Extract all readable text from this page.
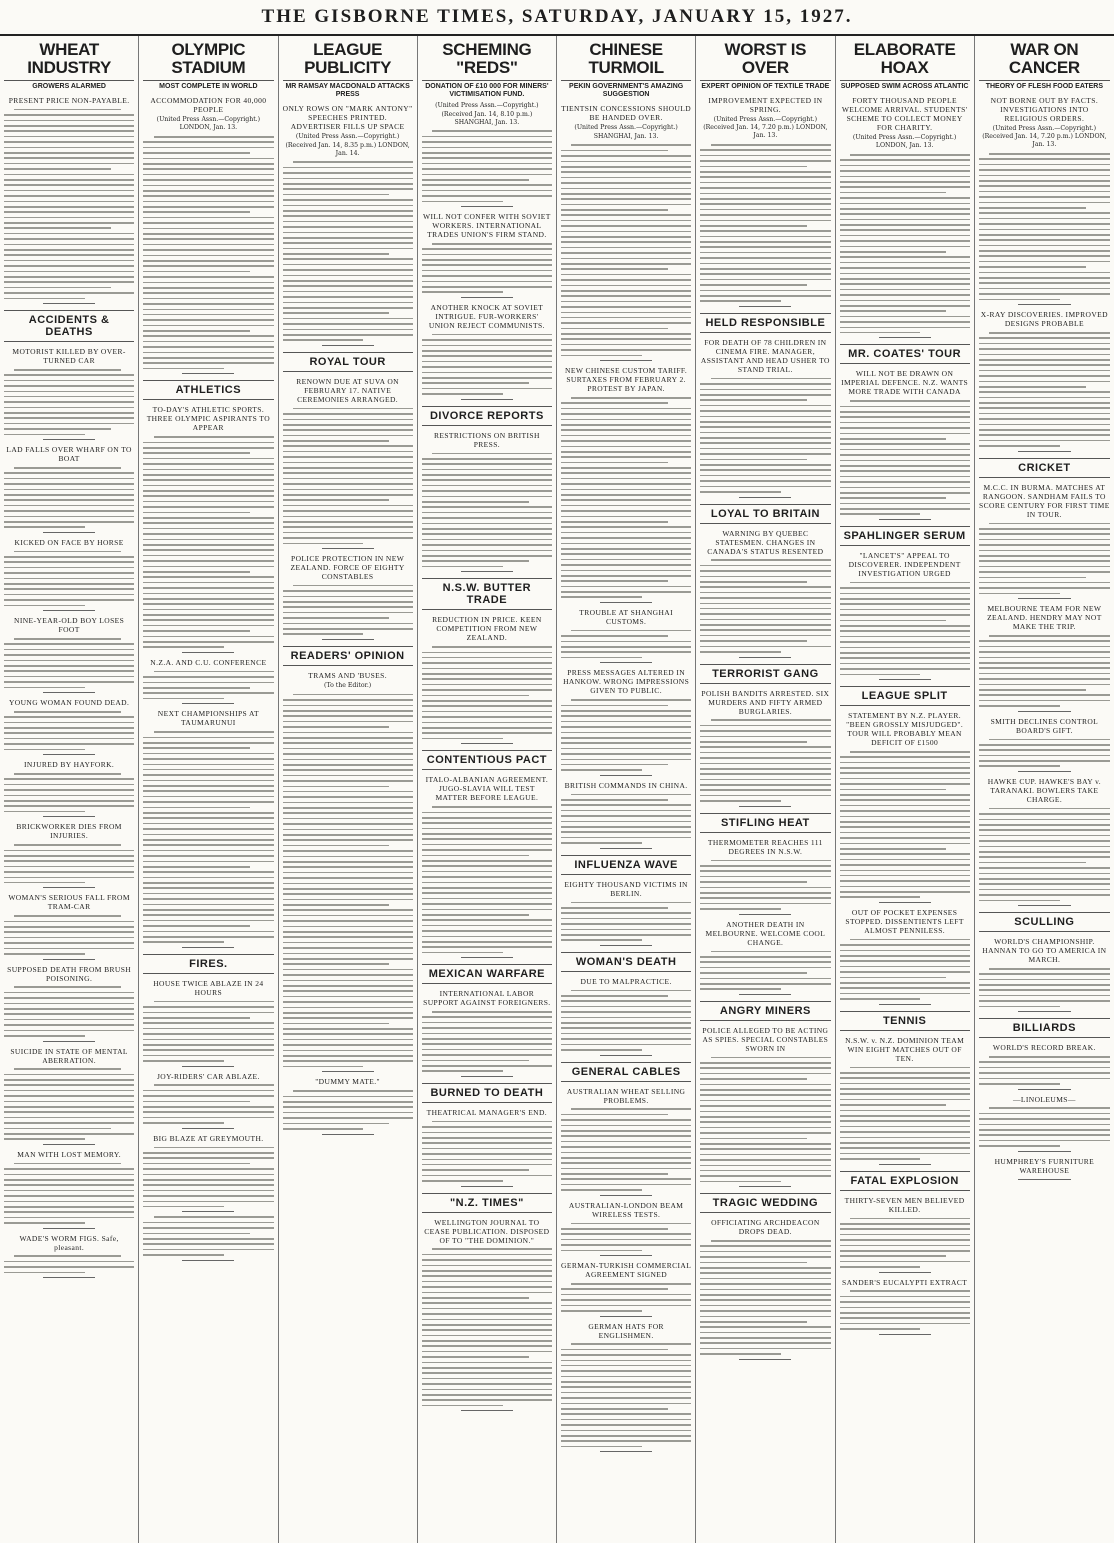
THE GISBORNE TIMES, SATURDAY, JANUARY 15, 1927.
WHEAT INDUSTRY
GROWERS ALARMED
PRESENT PRICE NON-PAYABLE.
ACCIDENTS & DEATHS
MOTORIST KILLED BY OVER-TURNED CAR
LAD FALLS OVER WHARF ON TO BOAT
KICKED ON FACE BY HORSE
NINE-YEAR-OLD BOY LOSES FOOT
YOUNG WOMAN FOUND DEAD.
INJURED BY HAYFORK.
BRICKWORKER DIES FROM INJURIES.
WOMAN'S SERIOUS FALL FROM TRAM-CAR
SUPPOSED DEATH FROM BRUSH POISONING.
SUICIDE IN STATE OF MENTAL ABERRATION.
MAN WITH LOST MEMORY.
WADE'S WORM FIGS. Safe, pleasant.
OLYMPIC STADIUM
MOST COMPLETE IN WORLD
ACCOMMODATION FOR 40,000 PEOPLE
(United Press Assn.—Copyright.) LONDON, Jan. 13.
ATHLETICS
TO-DAY'S ATHLETIC SPORTS. THREE OLYMPIC ASPIRANTS TO APPEAR
N.Z.A. AND C.U. CONFERENCE
NEXT CHAMPIONSHIPS AT TAUMARUNUI
FIRES.
HOUSE TWICE ABLAZE IN 24 HOURS
JOY-RIDERS' CAR ABLAZE.
BIG BLAZE AT GREYMOUTH.
LEAGUE PUBLICITY
MR RAMSAY MACDONALD ATTACKS PRESS
ONLY ROWS ON "MARK ANTONY" SPEECHES PRINTED. ADVERTISER FILLS UP SPACE
(United Press Assn.—Copyright.) (Received Jan. 14, 8.35 p.m.) LONDON, Jan. 14.
ROYAL TOUR
RENOWN DUE AT SUVA ON FEBRUARY 17. NATIVE CEREMONIES ARRANGED.
POLICE PROTECTION IN NEW ZEALAND. FORCE OF EIGHTY CONSTABLES
READERS' OPINION
TRAMS AND 'BUSES.
(To the Editor.)
"DUMMY MATE."
SCHEMING "REDS"
DONATION OF £10 000 FOR MINERS' VICTIMISATION FUND.
(United Press Assn.—Copyright.) (Received Jan. 14, 8.10 p.m.) SHANGHAI, Jan. 13.
WILL NOT CONFER WITH SOVIET WORKERS. INTERNATIONAL TRADES UNION'S FIRM STAND.
ANOTHER KNOCK AT SOVIET INTRIGUE. FUR-WORKERS' UNION REJECT COMMUNISTS.
DIVORCE REPORTS
RESTRICTIONS ON BRITISH PRESS.
N.S.W. BUTTER TRADE
REDUCTION IN PRICE. KEEN COMPETITION FROM NEW ZEALAND.
CONTENTIOUS PACT
ITALO-ALBANIAN AGREEMENT. JUGO-SLAVIA WILL TEST MATTER BEFORE LEAGUE.
MEXICAN WARFARE
INTERNATIONAL LABOR SUPPORT AGAINST FOREIGNERS.
BURNED TO DEATH
THEATRICAL MANAGER'S END.
"N.Z. TIMES"
WELLINGTON JOURNAL TO CEASE PUBLICATION. DISPOSED OF TO "THE DOMINION."
CHINESE TURMOIL
PEKIN GOVERNMENT'S AMAZING SUGGESTION
TIENTSIN CONCESSIONS SHOULD BE HANDED OVER.
(United Press Assn.—Copyright.) SHANGHAI, Jan. 13.
NEW CHINESE CUSTOM TARIFF. SURTAXES FROM FEBRUARY 2. PROTEST BY JAPAN.
TROUBLE AT SHANGHAI CUSTOMS.
PRESS MESSAGES ALTERED IN HANKOW. WRONG IMPRESSIONS GIVEN TO PUBLIC.
BRITISH COMMANDS IN CHINA.
INFLUENZA WAVE
EIGHTY THOUSAND VICTIMS IN BERLIN.
WOMAN'S DEATH
DUE TO MALPRACTICE.
GENERAL CABLES
AUSTRALIAN WHEAT SELLING PROBLEMS.
AUSTRALIAN-LONDON BEAM WIRELESS TESTS.
GERMAN-TURKISH COMMERCIAL AGREEMENT SIGNED
GERMAN HATS FOR ENGLISHMEN.
WORST IS OVER
EXPERT OPINION OF TEXTILE TRADE
IMPROVEMENT EXPECTED IN SPRING.
(United Press Assn.—Copyright.) (Received Jan. 14, 7.20 p.m.) LONDON, Jan. 13.
HELD RESPONSIBLE
FOR DEATH OF 78 CHILDREN IN CINEMA FIRE. MANAGER, ASSISTANT AND HEAD USHER TO STAND TRIAL.
LOYAL TO BRITAIN
WARNING BY QUEBEC STATESMEN. CHANGES IN CANADA'S STATUS RESENTED
TERRORIST GANG
POLISH BANDITS ARRESTED. SIX MURDERS AND FIFTY ARMED BURGLARIES.
STIFLING HEAT
THERMOMETER REACHES 111 DEGREES IN N.S.W.
ANOTHER DEATH IN MELBOURNE. WELCOME COOL CHANGE.
ANGRY MINERS
POLICE ALLEGED TO BE ACTING AS SPIES. SPECIAL CONSTABLES SWORN IN
TRAGIC WEDDING
OFFICIATING ARCHDEACON DROPS DEAD.
ELABORATE HOAX
SUPPOSED SWIM ACROSS ATLANTIC
FORTY THOUSAND PEOPLE WELCOME ARRIVAL. STUDENTS' SCHEME TO COLLECT MONEY FOR CHARITY.
(United Press Assn.—Copyright.) LONDON, Jan. 13.
MR. COATES' TOUR
WILL NOT BE DRAWN ON IMPERIAL DEFENCE. N.Z. WANTS MORE TRADE WITH CANADA
SPAHLINGER SERUM
"LANCET'S" APPEAL TO DISCOVERER. INDEPENDENT INVESTIGATION URGED
LEAGUE SPLIT
STATEMENT BY N.Z. PLAYER. "BEEN GROSSLY MISJUDGED". TOUR WILL PROBABLY MEAN DEFICIT OF £1500
OUT OF POCKET EXPENSES STOPPED. DISSENTIENTS LEFT ALMOST PENNILESS.
TENNIS
N.S.W. v. N.Z. DOMINION TEAM WIN EIGHT MATCHES OUT OF TEN.
FATAL EXPLOSION
THIRTY-SEVEN MEN BELIEVED KILLED.
SANDER'S EUCALYPTI EXTRACT
WAR ON CANCER
THEORY OF FLESH FOOD EATERS
NOT BORNE OUT BY FACTS. INVESTIGATIONS INTO RELIGIOUS ORDERS.
(United Press Assn.—Copyright.) (Received Jan. 14, 7.20 p.m.) LONDON, Jan. 13.
X-RAY DISCOVERIES. IMPROVED DESIGNS PROBABLE
CRICKET
M.C.C. IN BURMA. MATCHES AT RANGOON. SANDHAM FAILS TO SCORE CENTURY FOR FIRST TIME IN TOUR.
MELBOURNE TEAM FOR NEW ZEALAND. HENDRY MAY NOT MAKE THE TRIP.
SMITH DECLINES CONTROL BOARD'S GIFT.
HAWKE CUP. HAWKE'S BAY v. TARANAKI. BOWLERS TAKE CHARGE.
SCULLING
WORLD'S CHAMPIONSHIP. HANNAN TO GO TO AMERICA IN MARCH.
BILLIARDS
WORLD'S RECORD BREAK.
—LINOLEUMS—
HUMPHREY'S FURNITURE WAREHOUSE
